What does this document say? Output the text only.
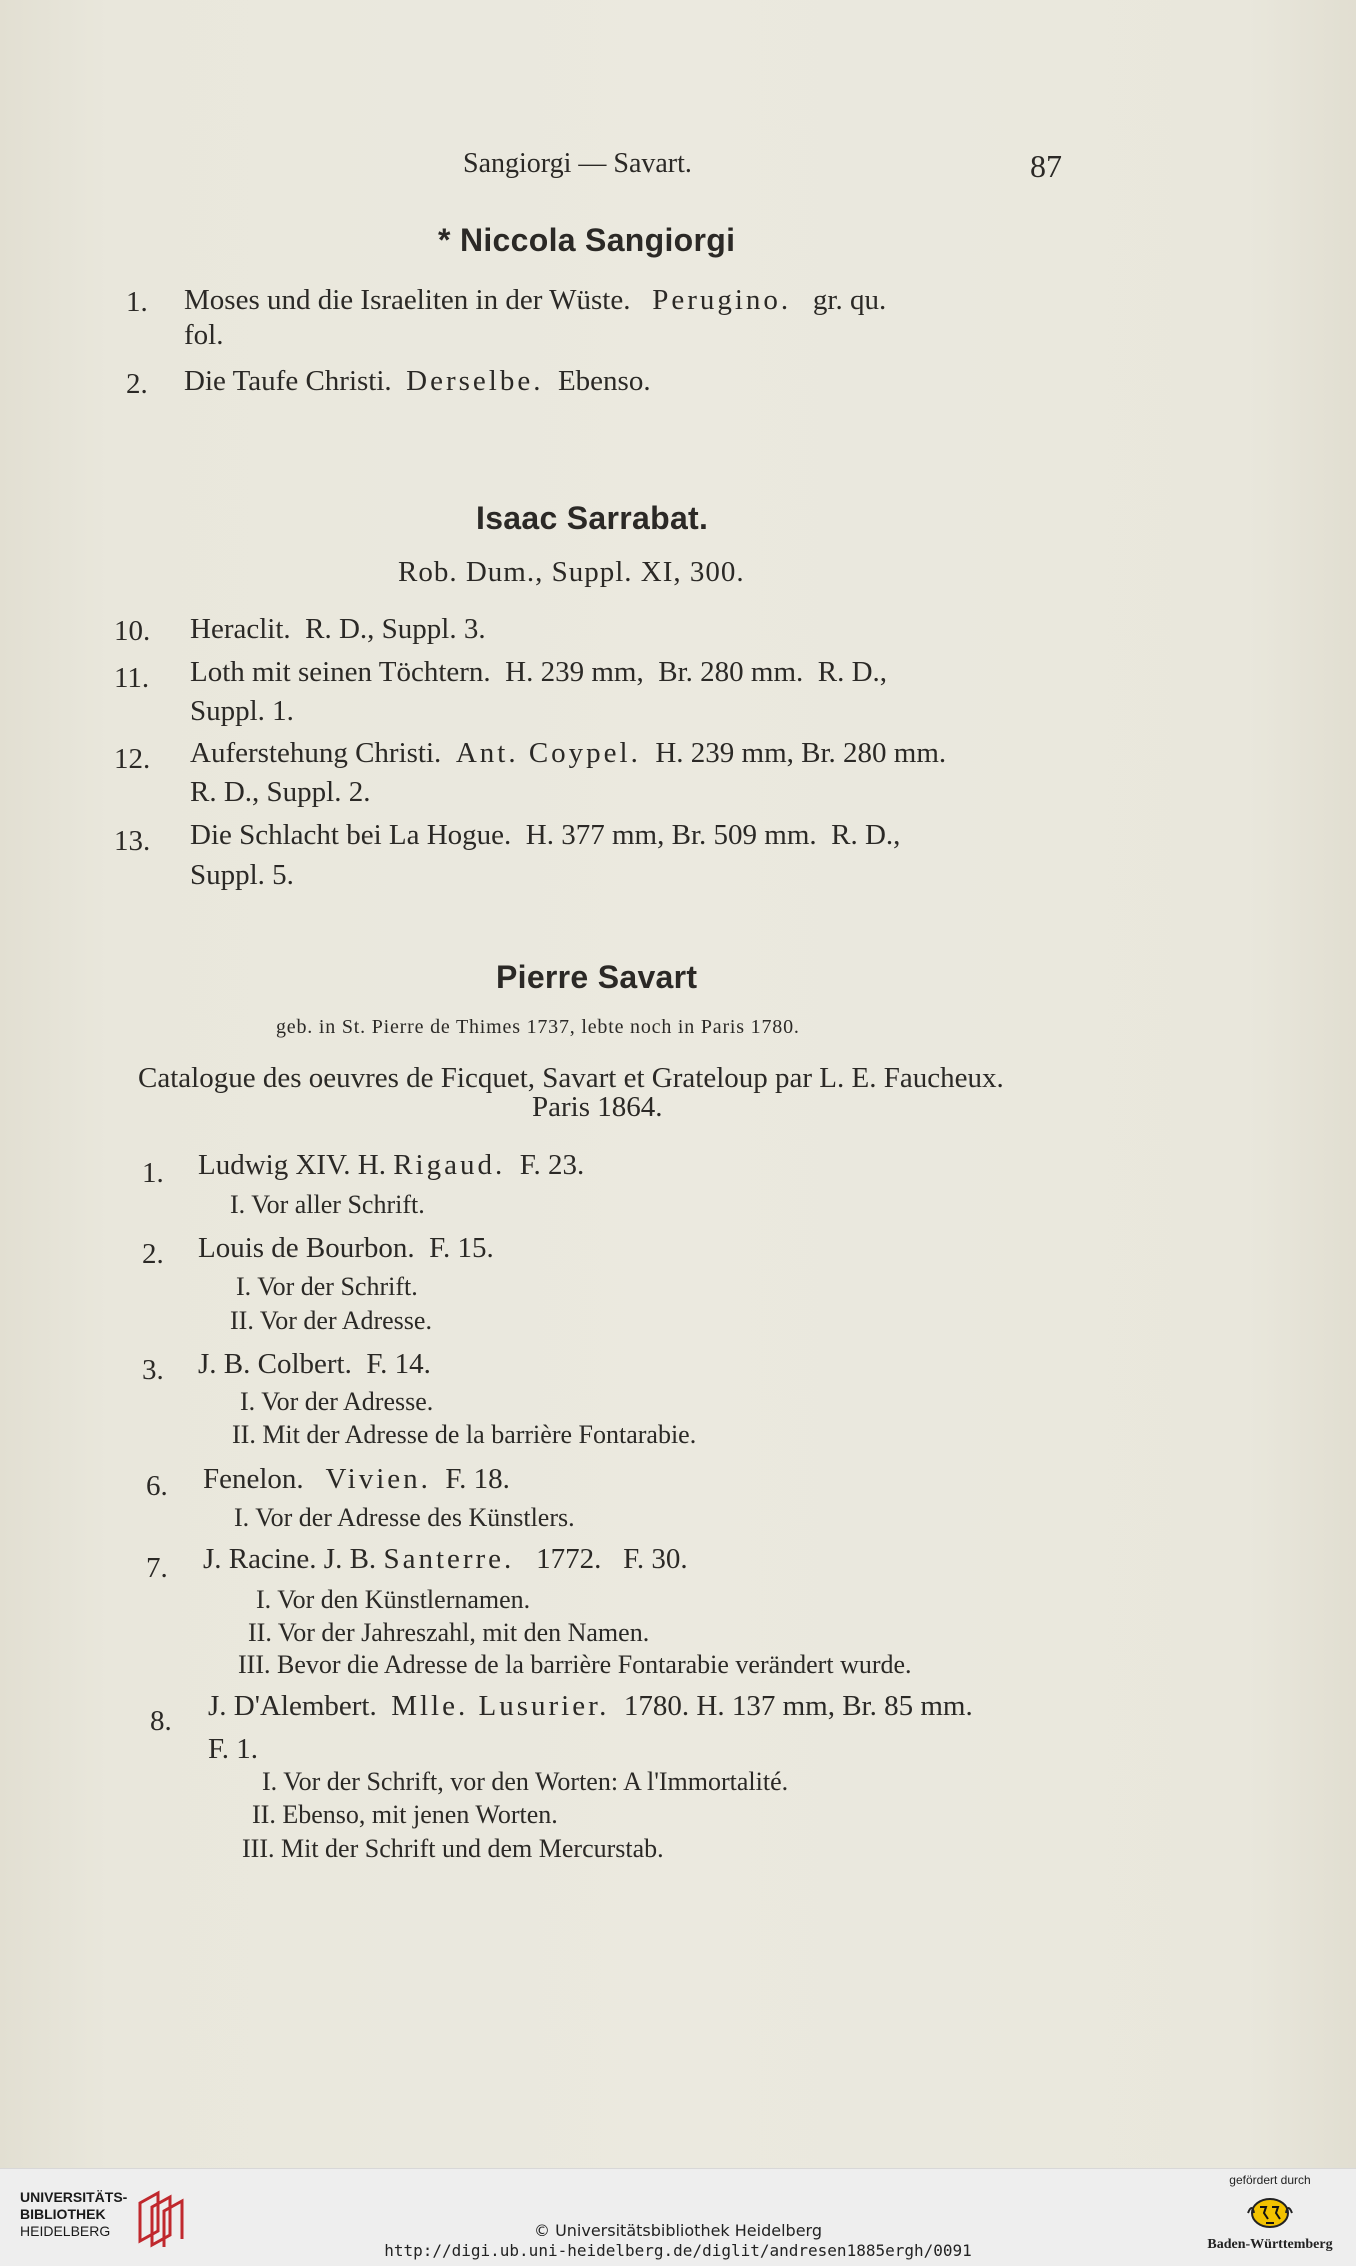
Sangiorgi — Savart.	87
* Niccola Sangiorgi
1. Moses und die Israeliten in der Wüste. Perugino. gr. qu.
fol.
2. Die Taufe Christi. Derselbe. Ebenso.
Isaac Sarrabat.
Rob. Dum., Suppl. XI, 300.
10. Heraclit.  R. D., Suppl. 3.
11. Loth mit seinen Töchtern.  H. 239 mm,  Br. 280 mm.  R. D.,
Suppl. 1.
12. Auferstehung Christi. Ant. Coypel. H. 239 mm, Br. 280 mm.
R. D., Suppl. 2.
13. Die Schlacht bei La Hogue.  H. 377 mm, Br. 509 mm.  R. D.,
Suppl. 5.
Pierre Savart
geb. in St. Pierre de Thimes 1737, lebte noch in Paris 1780.
Catalogue des oeuvres de Ficquet, Savart et Grateloup par L. E. Faucheux.
Paris 1864.
1. Ludwig XIV. H. Rigaud. F. 23.
I. Vor aller Schrift.
2. Louis de Bourbon.  F. 15.
I. Vor der Schrift.
II. Vor der Adresse.
3. J. B. Colbert.  F. 14.
I. Vor der Adresse.
II. Mit der Adresse de la barrière Fontarabie.
6. Fenelon. Vivien. F. 18.
I. Vor der Adresse des Künstlers.
7. J. Racine. J. B. Santerre. 1772.   F. 30.
I. Vor den Künstlernamen.
II. Vor der Jahreszahl, mit den Namen.
III. Bevor die Adresse de la barrière Fontarabie verändert wurde.
8. J. D'Alembert. Mlle. Lusurier. 1780. H. 137 mm, Br. 85 mm.
F. 1.
I. Vor der Schrift, vor den Worten: A l'Immortalité.
II. Ebenso, mit jenen Worten.
III. Mit der Schrift und dem Mercurstab.
UNIVERSITÄTS-
BIBLIOTHEK
HEIDELBERG	© Universitätsbibliothek Heidelberg
http://digi.ub.uni-heidelberg.de/diglit/andresen1885ergh/0091
gefördert durch
Baden-Württemberg
